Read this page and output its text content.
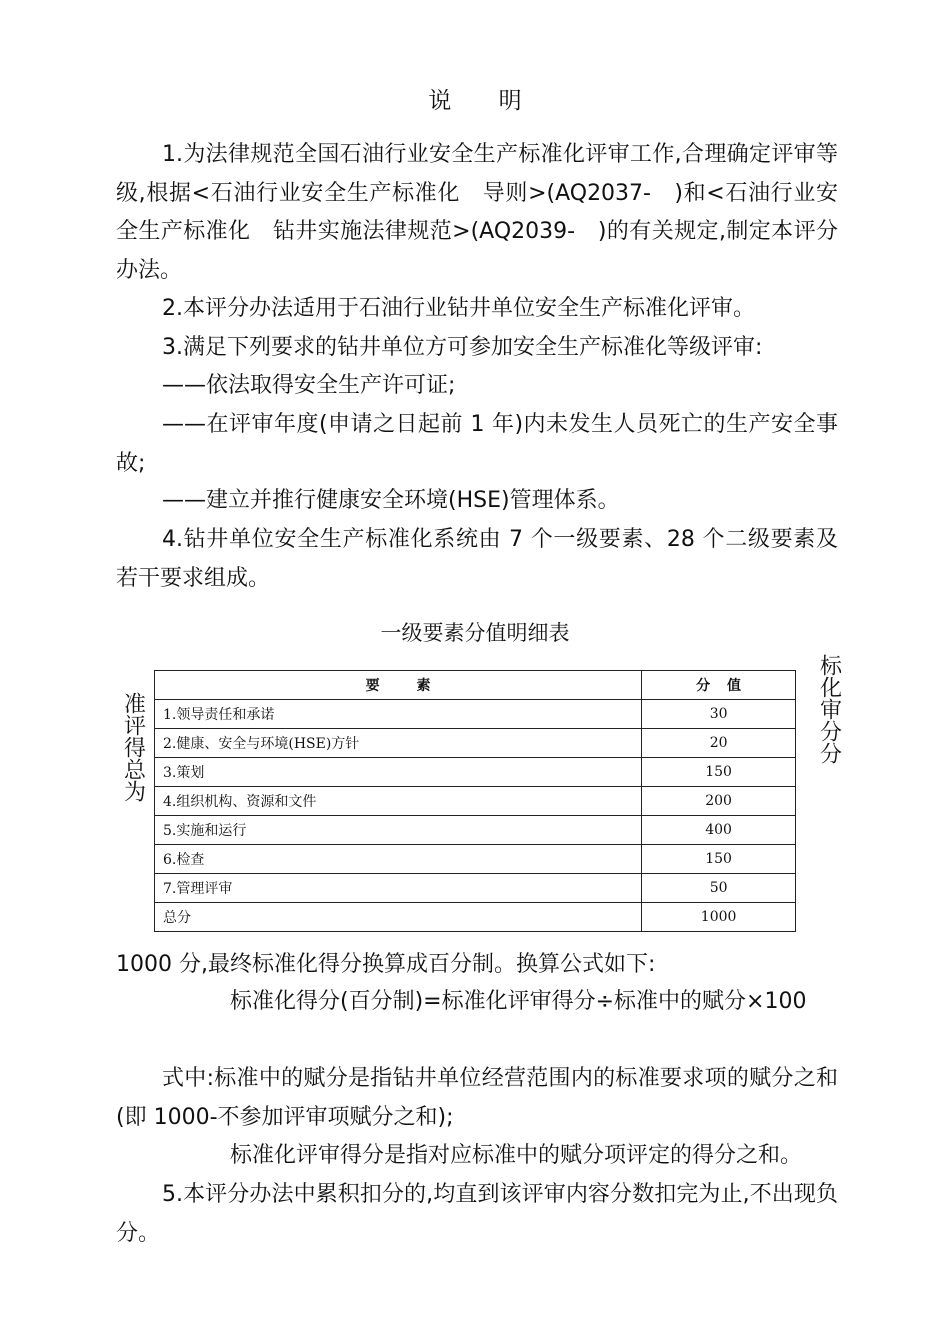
说 明

1.为法律规范全国石油行业安全生产标准化评审工作,合理确定评审等级,根据<石油行业安全生产标准化　导则>(AQ2037-　)和<石油行业安全生产标准化　钻井实施法律规范>(AQ2039-　)的有关规定,制定本评分办法。

2.本评分办法适用于石油行业钻井单位安全生产标准化评审。

3.满足下列要求的钻井单位方可参加安全生产标准化等级评审:

——依法取得安全生产许可证;

——在评审年度(申请之日起前 1 年)内未发生人员死亡的生产安全事故;

——建立并推行健康安全环境(HSE)管理体系。

4.钻井单位安全生产标准化系统由 7 个一级要素、28 个二级要素及若干要求组成。

一级要素分值明细表
准评得总为	标化审分分
要 素	分 值
1.领导责任和承诺	30
2.健康、安全与环境(HSE)方针	20
3.策划	150
4.组织机构、资源和文件	200
5.实施和运行	400
6.检查	150
7.管理评审	50
总分	1000

1000 分,最终标准化得分换算成百分制。换算公式如下:

标准化得分(百分制)=标准化评审得分÷标准中的赋分×100

式中:标准中的赋分是指钻井单位经营范围内的标准要求项的赋分之和(即 1000-不参加评审项赋分之和);

标准化评审得分是指对应标准中的赋分项评定的得分之和。

5.本评分办法中累积扣分的,均直到该评审内容分数扣完为止,不出现负分。
